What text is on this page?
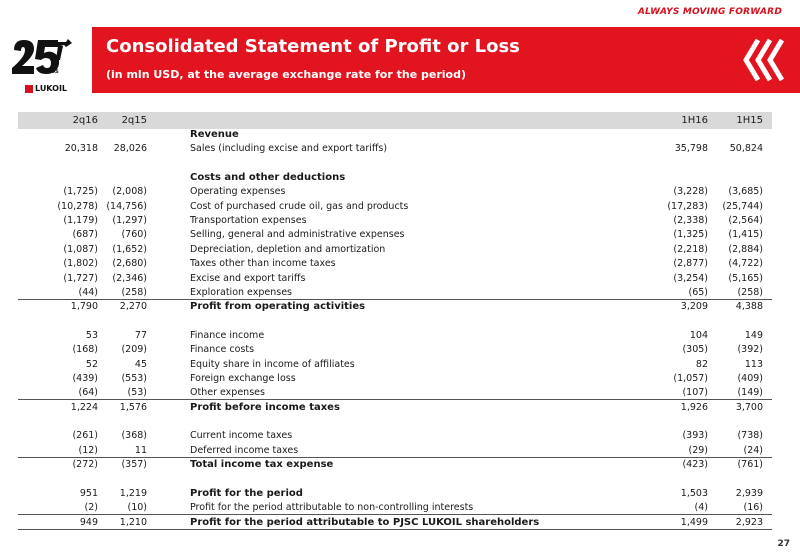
ALWAYS MOVING FORWARD
YEARS
LUKOIL
Consolidated Statement of Profit or Loss
(in mln USD, at the average exchange rate for the period)
2q16 2q15	1H16	1H15
Revenue
20,318 28,026	Sales (including excise and export tariffs)	35,798 50,824
Costs and other deductions
(1,725) (2,008)	Operating expenses	(3,228) (3,685)
(10,278) (14,756)	Cost of purchased crude oil, gas and products	(17,283) (25,744)
(1,179) (1,297)	Transportation expenses	(2,338) (2,564)
(687) (760)	Selling, general and administrative expenses	(1,325) (1,415)
(1,087) (1,652)	Depreciation, depletion and amortization	(2,218) (2,884)
(1,802) (2,680)	Taxes other than income taxes	(2,877) (4,722)
(1,727) (2,346)	Excise and export tariffs	(3,254) (5,165)
(44) (258)	Exploration expenses	(65)	(258)
1,790 2,270	Profit from operating activities	3,209	4,388
53	77	Finance income	104	149
(168) (209)	Finance costs	(305)	(392)
52	45	Equity share in income of affiliates	82	113
(439) (553)	Foreign exchange loss	(1,057)	(409)
(64)	(53)	Other expenses	(107)	(149)
1,224 1,576	Profit before income taxes	1,926	3,700
(261) (368)	Current income taxes	(393)	(738)
(12)	11	Deferred income taxes	(29)	(24)
(272) (357)	Total income tax expense	(423)	(761)
951 1,219	Profit for the period	1,503	2,939
(2)	(10)	Profit for the period attributable to non-controlling interests	(4)	(16)
949 1,210	Profit for the period attributable to PJSC LUKOIL shareholders	1,499	2,923
27
